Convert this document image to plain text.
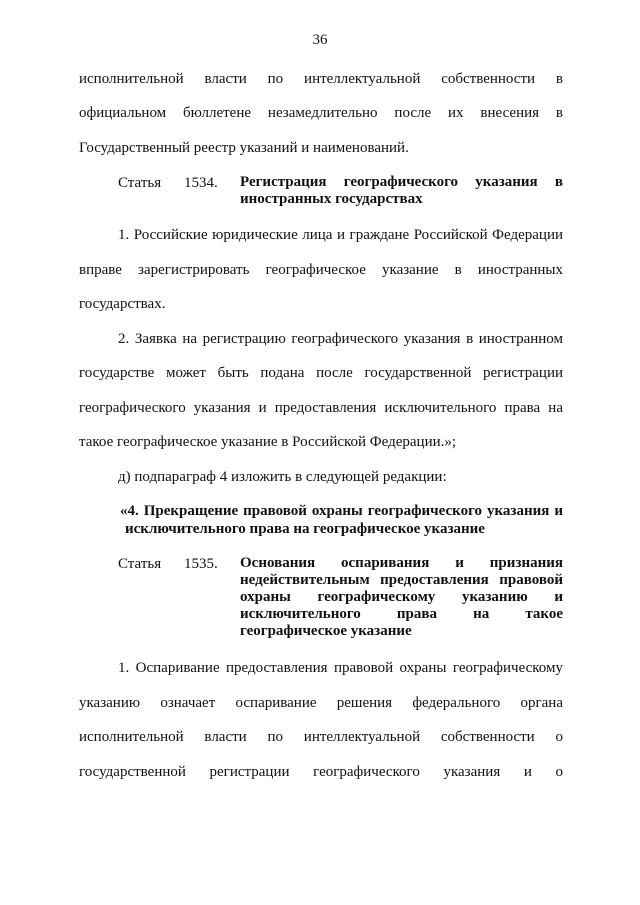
36
исполнительной власти по интеллектуальной собственности в
официальном бюллетене незамедлительно после их внесения в
Государственный реестр указаний и наименований.
Статья 1534. Регистрация географического указания в
иностранных государствах
1. Российские юридические лица и граждане Российской Федерации
вправе зарегистрировать географическое указание в иностранных
государствах.
2. Заявка на регистрацию географического указания в иностранном
государстве может быть подана после государственной регистрации
географического указания и предоставления исключительного права на
такое географическое указание в Российской Федерации.»;
д) подпараграф 4 изложить в следующей редакции:
«4. Прекращение правовой охраны географического указания и
исключительного права на географическое указание
Статья 1535. Основания оспаривания и признания
недействительным предоставления правовой
охраны географическому указанию и
исключительного права на такое
географическое указание
1. Оспаривание предоставления правовой охраны географическому
указанию означает оспаривание решения федерального органа
исполнительной власти по интеллектуальной собственности о
государственной регистрации географического указания и о
